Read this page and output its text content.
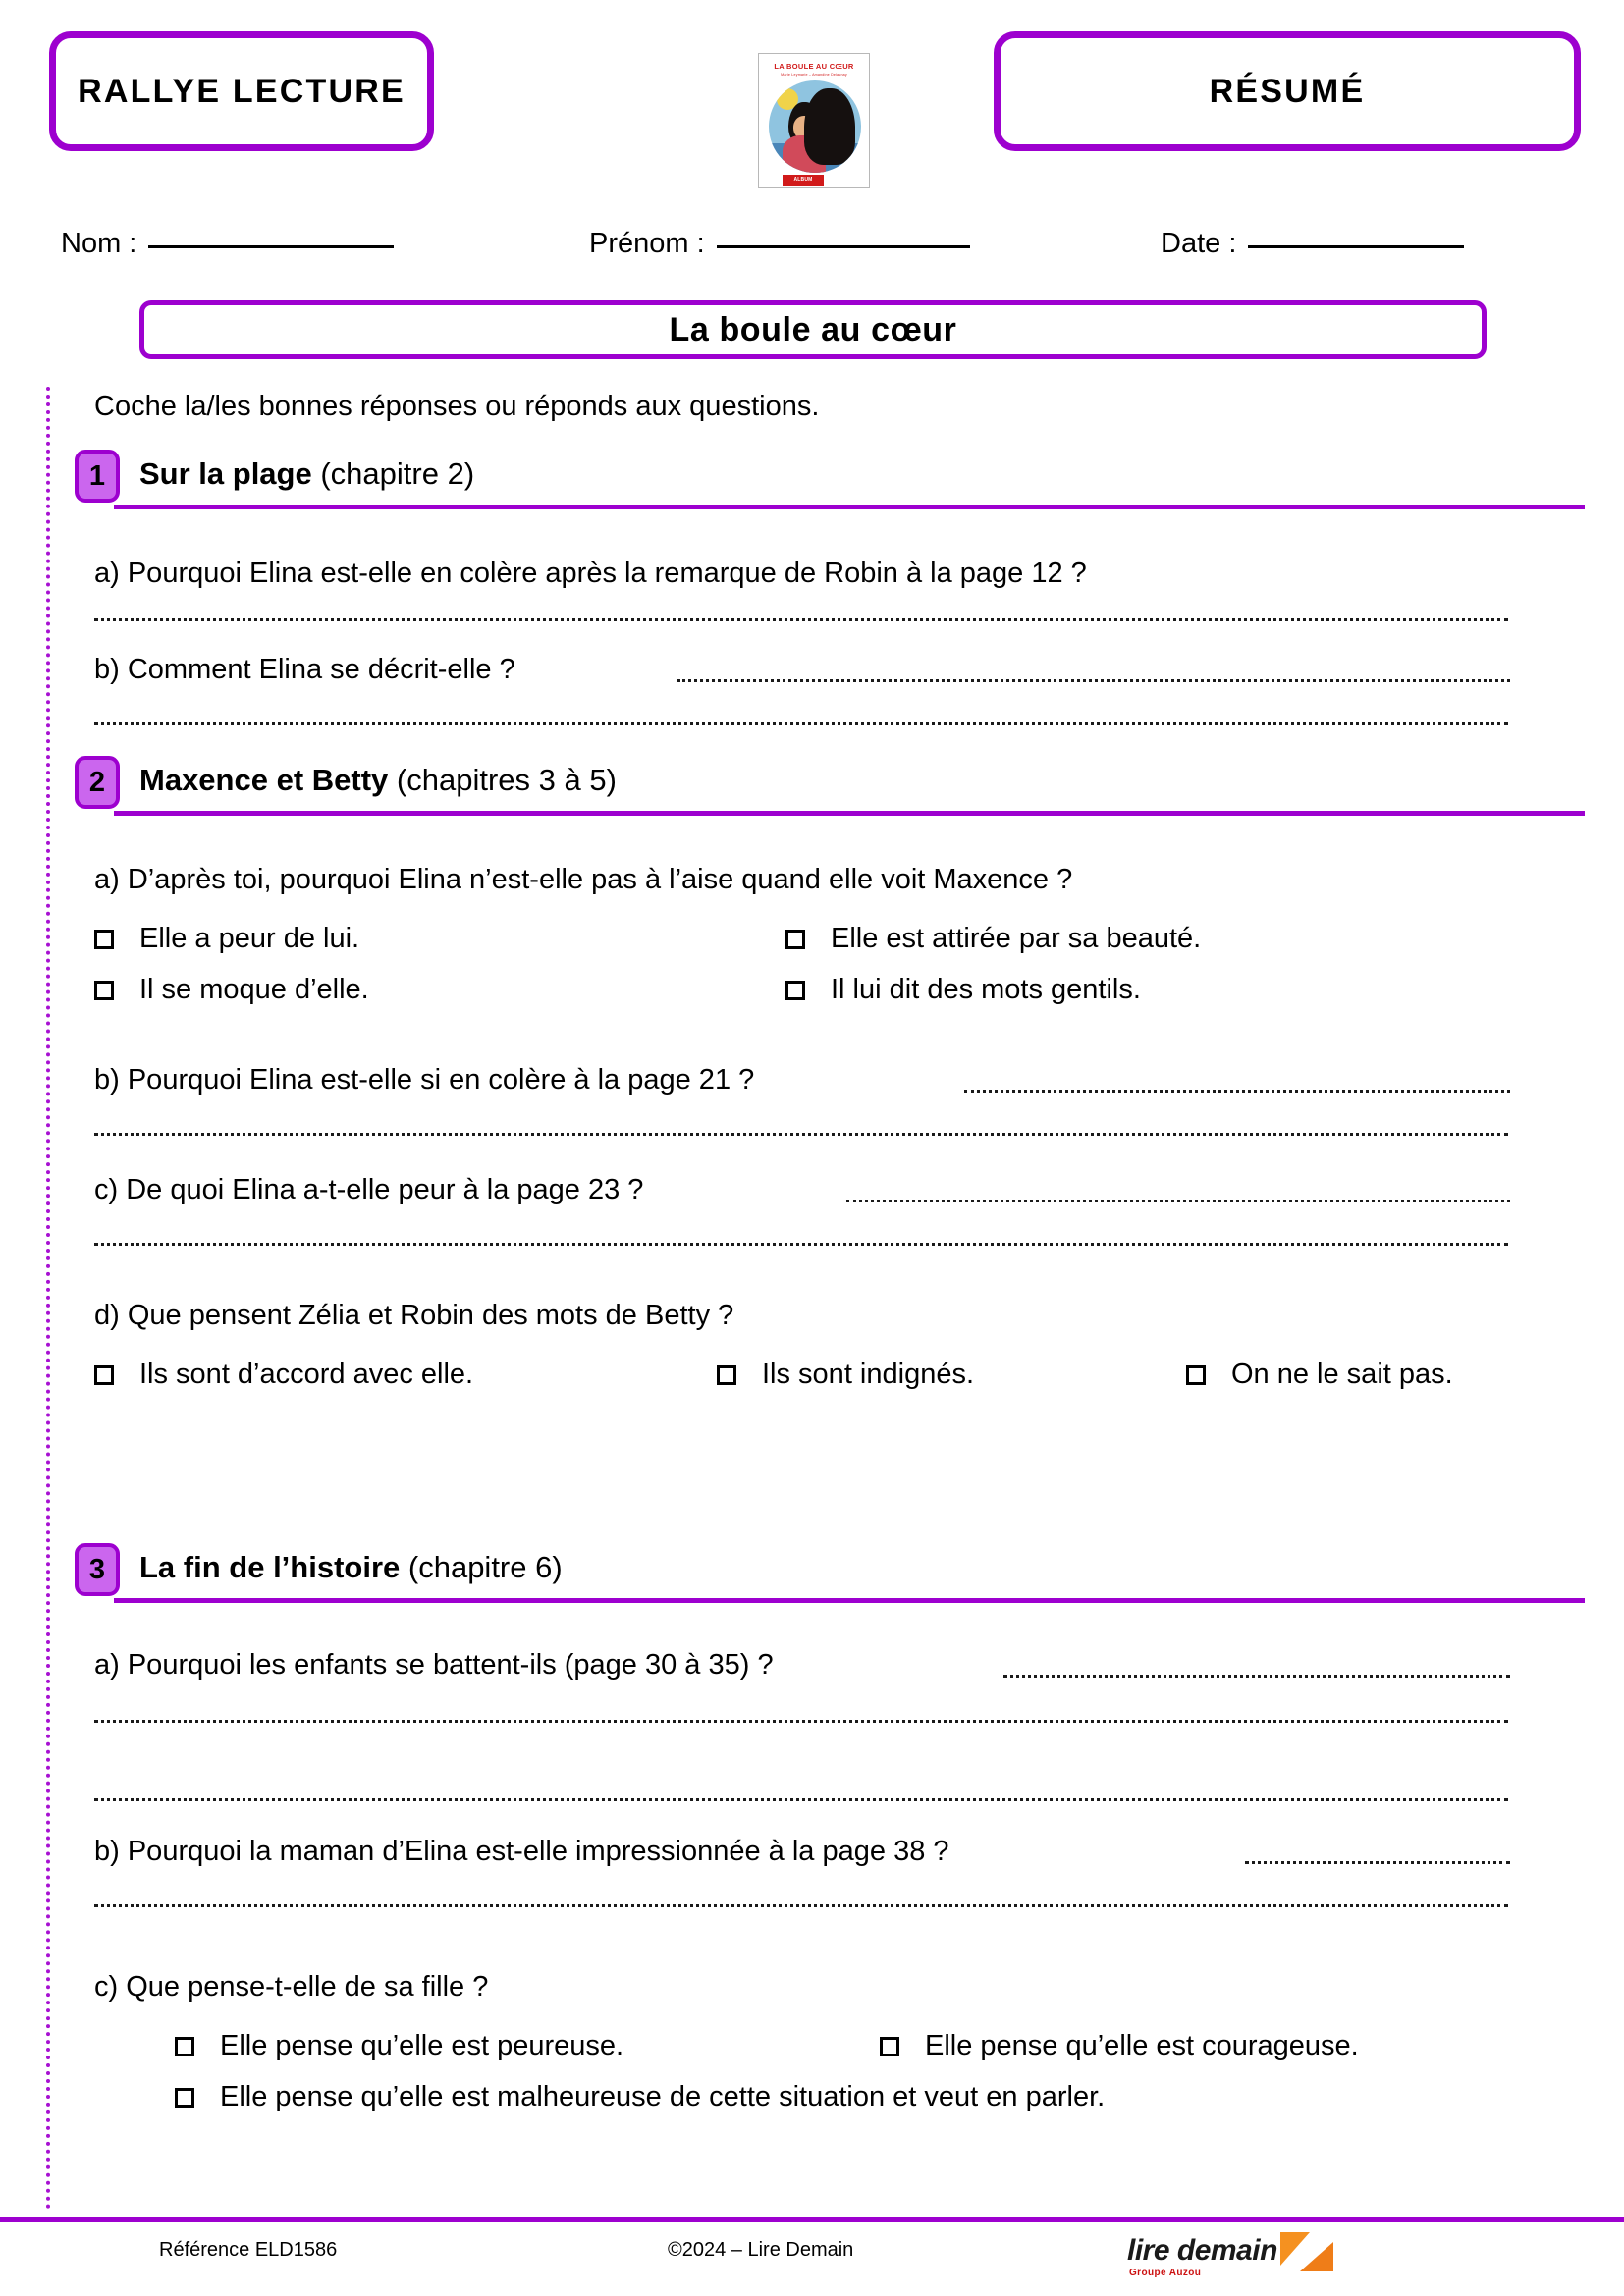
RALLYE LECTURE
LA BOULE AU CŒUR
Marie Leymarie – Amandine Delaunay
ALBUM
RÉSUMÉ
Nom :	Prénom :	Date :
La boule au cœur
Coche la/les bonnes réponses ou réponds aux questions.
1	Sur la plage (chapitre 2)
a) Pourquoi Elina est-elle en colère après la remarque de Robin à la page 12 ?
b) Comment Elina se décrit-elle ?
2	Maxence et Betty (chapitres 3 à 5)
a) D’après toi, pourquoi Elina n’est-elle pas à l’aise quand elle voit Maxence ?
Elle a peur de lui.	Elle est attirée par sa beauté.
Il se moque d’elle.	Il lui dit des mots gentils.
b) Pourquoi Elina est-elle si en colère à la page 21 ?
c) De quoi Elina a-t-elle peur à la page 23 ?
d) Que pensent Zélia et Robin des mots de Betty ?
Ils sont d’accord avec elle.	Ils sont indignés.	On ne le sait pas.
3	La fin de l’histoire (chapitre 6)
a) Pourquoi les enfants se battent-ils (page 30 à 35) ?
b) Pourquoi la maman d’Elina est-elle impressionnée à la page 38 ?
c) Que pense-t-elle de sa fille ?
Elle pense qu’elle est peureuse.	Elle pense qu’elle est courageuse.
Elle pense qu’elle est malheureuse de cette situation et veut en parler.
Référence ELD1586	©2024 – Lire Demain	lire demain
Groupe Auzou
